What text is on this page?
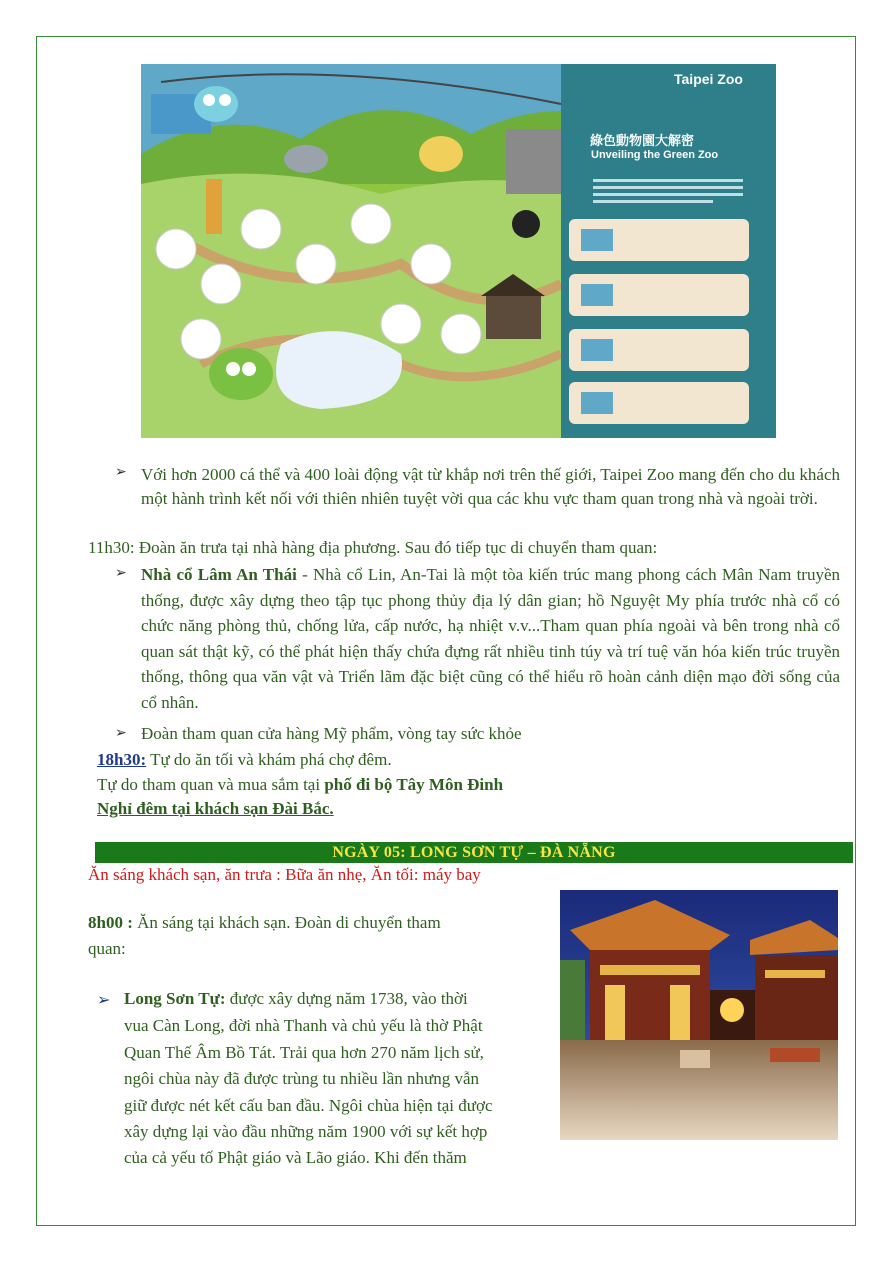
Taipei Zoo
綠色動物園大解密
Unveiling the Green Zoo
➢ Với hơn 2000 cá thể và 400 loài động vật từ khắp nơi trên thế giới, Taipei Zoo mang đến cho du khách một hành trình kết nối với thiên nhiên tuyệt vời qua các khu vực tham quan trong nhà và ngoài trời.
11h30: Đoàn ăn trưa tại nhà hàng địa phương. Sau đó tiếp tục di chuyển tham quan:
➢ Nhà cổ Lâm An Thái - Nhà cổ Lin, An-Tai là một tòa kiến trúc mang phong cách Mân Nam truyền thống, được xây dựng theo tập tục phong thủy địa lý dân gian; hồ Nguyệt My phía trước nhà cổ có chức năng phòng thủ, chống lửa, cấp nước, hạ nhiệt v.v...Tham quan phía ngoài và bên trong nhà cổ quan sát thật kỹ, có thể phát hiện thấy chứa đựng rất nhiều tinh túy và trí tuệ văn hóa kiến trúc truyền thống, thông qua văn vật và Triển lãm đặc biệt cũng có thể hiểu rõ hoàn cảnh diện mạo đời sống của cổ nhân.
➢ Đoàn tham quan cửa hàng Mỹ phẩm, vòng tay sức khỏe
18h30: Tự do ăn tối và khám phá chợ đêm.
Tự do tham quan và mua sắm tại phố đi bộ Tây Môn Đinh
Nghỉ đêm tại khách sạn Đài Bắc.
NGÀY 05: LONG SƠN TỰ – ĐÀ NẴNG
Ăn sáng khách sạn, ăn trưa : Bữa ăn nhẹ, Ăn tối: máy bay
8h00 : Ăn sáng tại khách sạn. Đoàn di chuyển tham
quan:
➢ Long Sơn Tự: được xây dựng năm 1738, vào thời
vua Càn Long, đời nhà Thanh và chủ yếu là thờ Phật
Quan Thế Âm Bồ Tát. Trải qua hơn 270 năm lịch sử,
ngôi chùa này đã được trùng tu nhiều lần nhưng vẫn
giữ được nét kết cấu ban đầu. Ngôi chùa hiện tại được
xây dựng lại vào đầu những năm 1900 với sự kết hợp
của cả yếu tố Phật giáo và Lão giáo. Khi đến thăm
